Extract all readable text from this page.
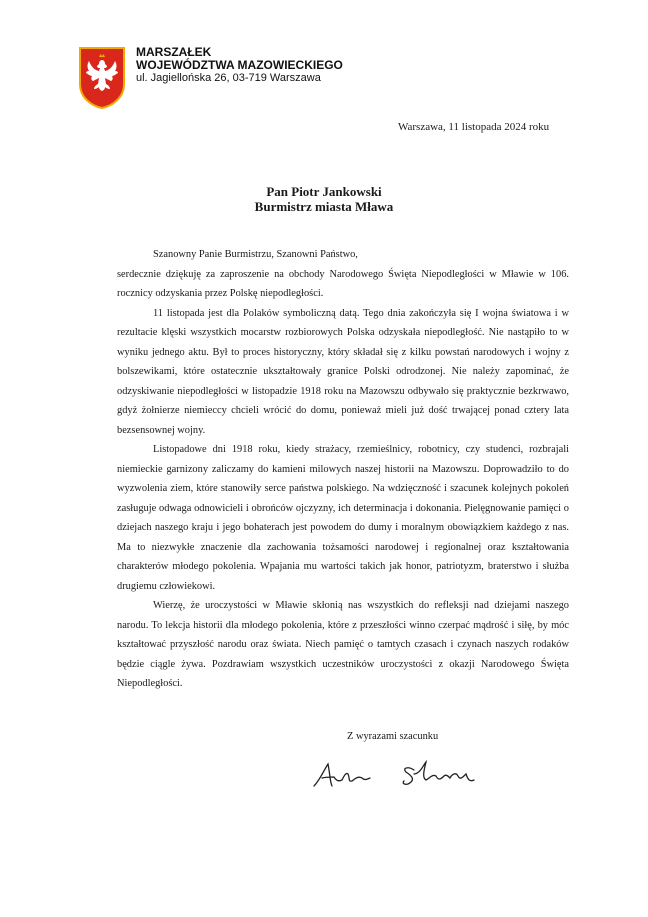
MARSZAŁEK
WOJEWÓDZTWA MAZOWIECKIEGO
ul. Jagiellońska 26, 03-719 Warszawa
Warszawa, 11 listopada 2024 roku
Pan Piotr Jankowski
Burmistrz miasta Mława

Szanowny Panie Burmistrzu, Szanowni Państwo,

serdecznie dziękuję za zaproszenie na obchody Narodowego Święta Niepodległości w Mławie w 106. rocznicy odzyskania przez Polskę niepodległości.

11 listopada jest dla Polaków symboliczną datą. Tego dnia zakończyła się I wojna światowa i w rezultacie klęski wszystkich mocarstw rozbiorowych Polska odzyskała niepodległość. Nie nastąpiło to w wyniku jednego aktu. Był to proces historyczny, który składał się z kilku powstań narodowych i wojny z bolszewikami, które ostatecznie ukształtowały granice Polski odrodzonej. Nie należy zapominać, że odzyskiwanie niepodległości w listopadzie 1918 roku na Mazowszu odbywało się praktycznie bezkrwawo, gdyż żołnierze niemieccy chcieli wrócić do domu, ponieważ mieli już dość trwającej ponad cztery lata bezsensownej wojny.

Listopadowe dni 1918 roku, kiedy strażacy, rzemieślnicy, robotnicy, czy studenci, rozbrajali niemieckie garnizony zaliczamy do kamieni milowych naszej historii na Mazowszu. Doprowadziło to do wyzwolenia ziem, które stanowiły serce państwa polskiego. Na wdzięczność i szacunek kolejnych pokoleń zasługuje odwaga odnowicieli i obrońców ojczyzny, ich determinacja i dokonania. Pielęgnowanie pamięci o dziejach naszego kraju i jego bohaterach jest powodem do dumy i moralnym obowiązkiem każdego z nas. Ma to niezwykłe znaczenie dla zachowania tożsamości narodowej i regionalnej oraz kształtowania charakterów młodego pokolenia. Wpajania mu wartości takich jak honor, patriotyzm, braterstwo i służba drugiemu człowiekowi.

Wierzę, że uroczystości w Mławie skłonią nas wszystkich do refleksji nad dziejami naszego narodu. To lekcja historii dla młodego pokolenia, które z przeszłości winno czerpać mądrość i siłę, by móc kształtować przyszłość narodu oraz świata. Niech pamięć o tamtych czasach i czynach naszych rodaków będzie ciągle żywa. Pozdrawiam wszystkich uczestników uroczystości z okazji Narodowego Święta Niepodległości.

Z wyrazami szacunku
